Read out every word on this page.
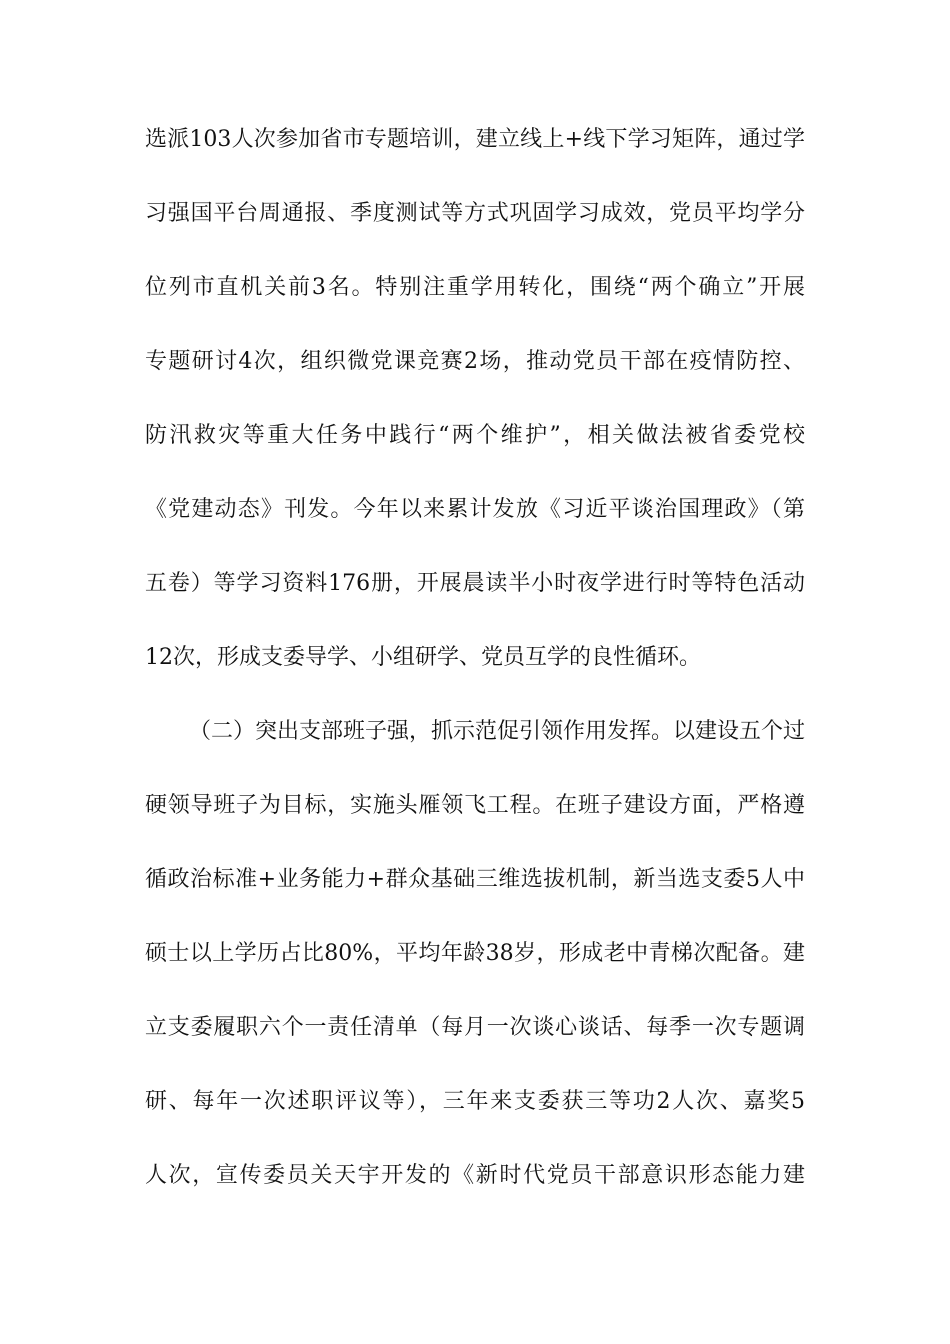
选派103人次参加省市专题培训，建立线上+线下学习矩阵，通过学
习强国平台周通报、季度测试等方式巩固学习成效，党员平均学分
位列市直机关前3名。特别注重学用转化，围绕“两个确立”开展
专题研讨4次，组织微党课竞赛2场，推动党员干部在疫情防控、
防汛救灾等重大任务中践行“两个维护”，相关做法被省委党校
《党建动态》刊发。今年以来累计发放《习近平谈治国理政》（第
五卷）等学习资料176册，开展晨读半小时夜学进行时等特色活动
12次，形成支委导学、小组研学、党员互学的良性循环。
（二）突出支部班子强，抓示范促引领作用发挥。以建设五个过
硬领导班子为目标，实施头雁领飞工程。在班子建设方面，严格遵
循政治标准+业务能力+群众基础三维选拔机制，新当选支委5人中
硕士以上学历占比80%，平均年龄38岁，形成老中青梯次配备。建
立支委履职六个一责任清单（每月一次谈心谈话、每季一次专题调
研、每年一次述职评议等），三年来支委获三等功2人次、嘉奖5
人次，宣传委员关天宇开发的《新时代党员干部意识形态能力建
